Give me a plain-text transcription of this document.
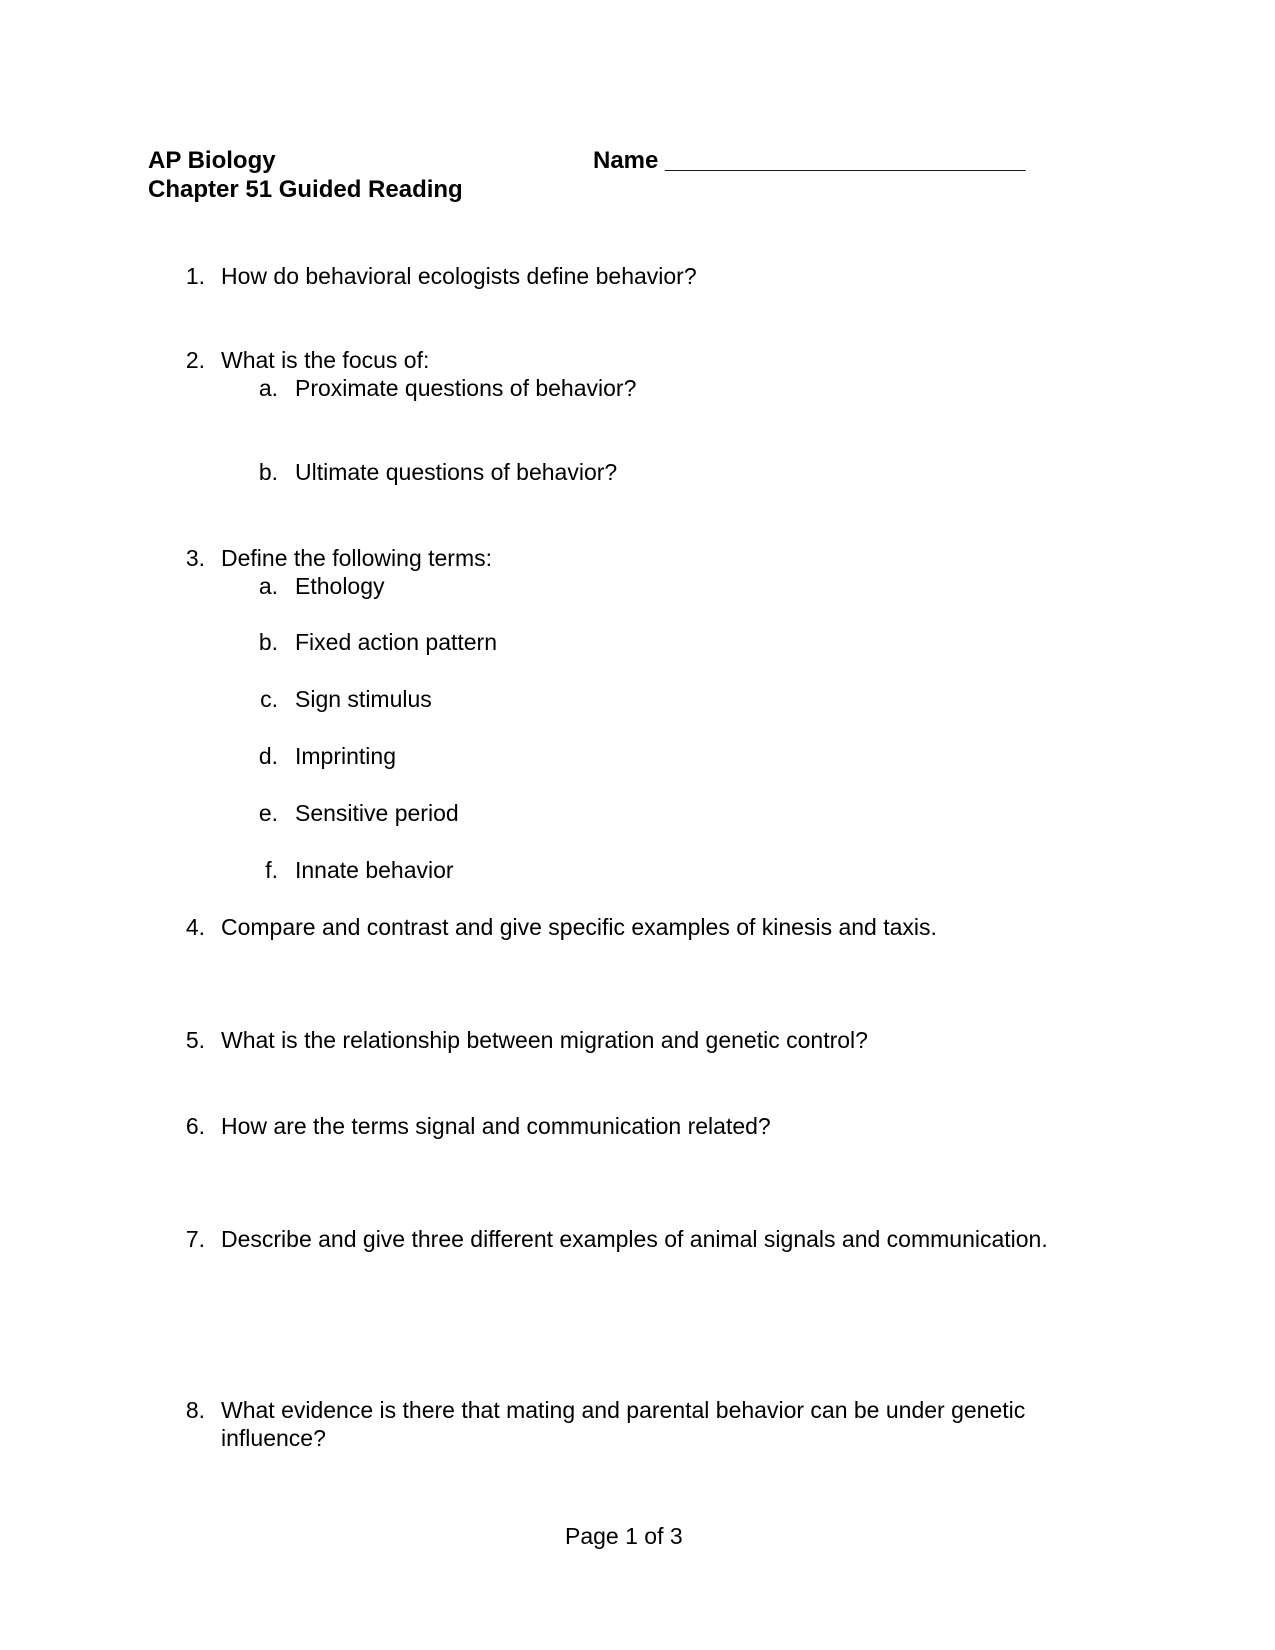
AP Biology
Chapter 51 Guided Reading
Name ___________________________
1. How do behavioral ecologists define behavior?
2. What is the focus of:
a. Proximate questions of behavior?
b. Ultimate questions of behavior?
3. Define the following terms:
a. Ethology
b. Fixed action pattern
c. Sign stimulus
d. Imprinting
e. Sensitive period
f. Innate behavior
4. Compare and contrast and give specific examples of kinesis and taxis.
5. What is the relationship between migration and genetic control?
6. How are the terms signal and communication related?
7. Describe and give three different examples of animal signals and communication.
8. What evidence is there that mating and parental behavior can be under genetic
influence?
Page 1 of 3
